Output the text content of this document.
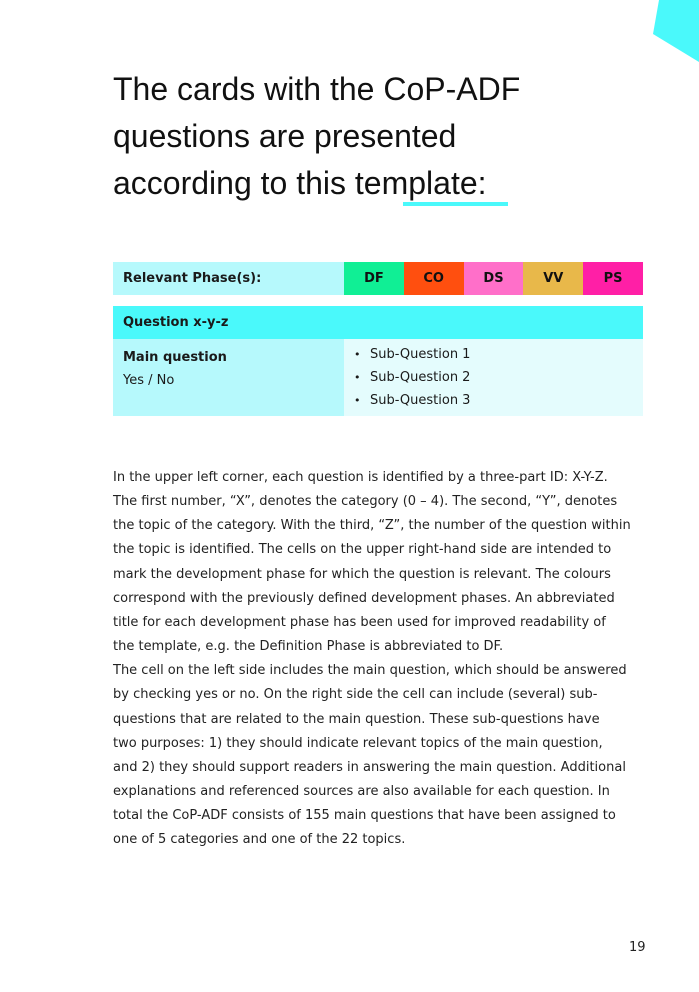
The cards with the CoP-ADF
questions are presented
according to this template:
Relevant Phase(s):	DF	CO	DS	VV	PS
Question x-y-z
Main question
Yes / No
• Sub-Question 1
• Sub-Question 2
• Sub-Question 3

In the upper left corner, each question is identified by a three-part ID: X-Y-Z.
The first number, “X”, denotes the category (0 – 4). The second, “Y”, denotes
the topic of the category. With the third, “Z”, the number of the question within
the topic is identified. The cells on the upper right-hand side are intended to
mark the development phase for which the question is relevant. The colours
correspond with the previously defined development phases. An abbreviated
title for each development phase has been used for improved readability of
the template, e.g. the Definition Phase is abbreviated to DF.
The cell on the left side includes the main question, which should be answered
by checking yes or no. On the right side the cell can include (several) sub-
questions that are related to the main question. These sub-questions have
two purposes: 1) they should indicate relevant topics of the main question,
and 2) they should support readers in answering the main question. Additional
explanations and referenced sources are also available for each question. In
total the CoP-ADF consists of 155 main questions that have been assigned to
one of 5 categories and one of the 22 topics.

19
